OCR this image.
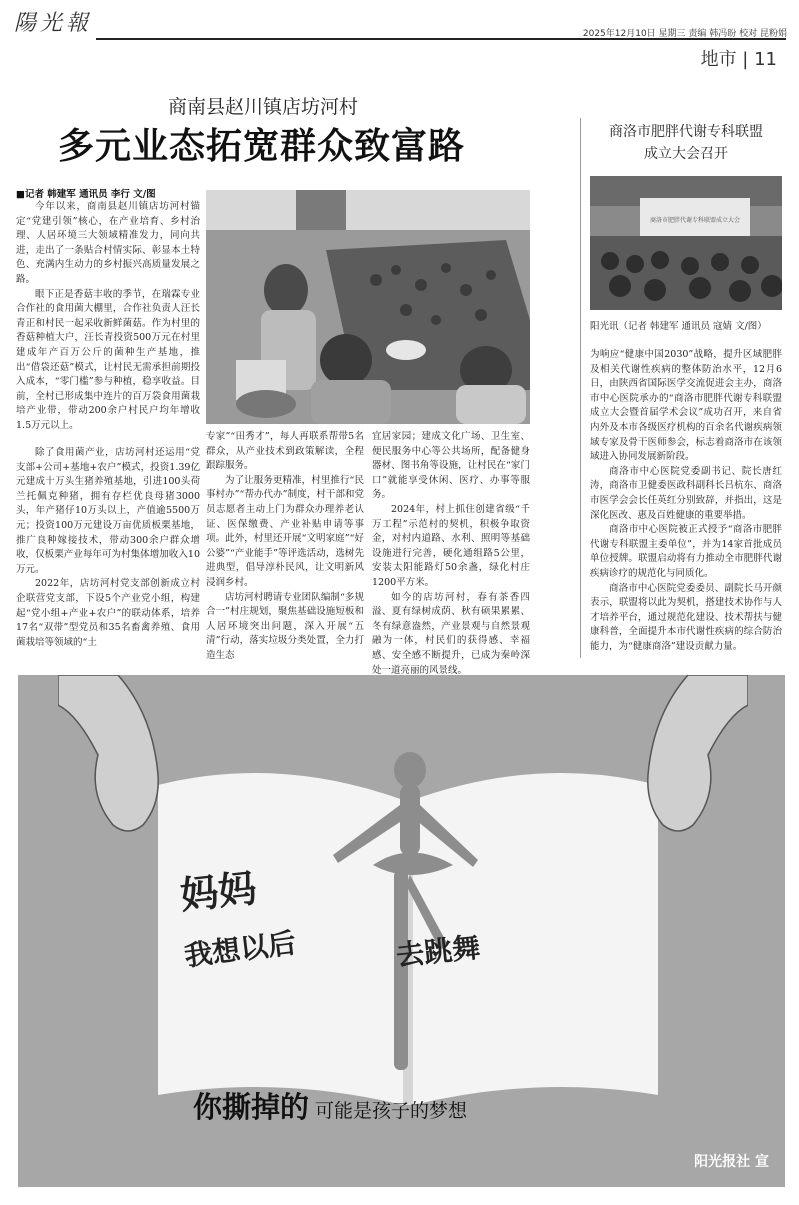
陽光報	2025年12月10日 星期三 责编 韩冯盼 校对 昆粉娟
地市 | 11
商南县赵川镇店坊河村
多元业态拓宽群众致富路
■记者 韩建军 通讯员 李行 文/图

今年以来，商南县赵川镇店坊河村锚定“党建引领”核心，在产业培育、乡村治理、人居环境三大领域精准发力，同向共进，走出了一条贴合村情实际、彰显本土特色、充满内生动力的乡村振兴高质量发展之路。

眼下正是香菇丰收的季节，在瑞霖专业合作社的食用菌大棚里，合作社负责人汪长青正和村民一起采收新鲜菌菇。作为村里的香菇种植大户，汪长青投资500万元在村里建成年产百万公斤的菌种生产基地，推出“借袋还菇”模式，让村民无需承担前期投入成本，“零门槛”参与种植，稳享收益。目前，全村已形成集中连片的百万袋食用菌栽培产业带，带动200余户村民户均年增收1.5万元以上。

除了食用菌产业，店坊河村还运用“党支部+公司+基地+农户”模式，投资1.39亿元建成十万头生猪养殖基地，引进100头荷兰托佩克种猪，拥有存栏优良母猪3000头，年产猪仔10万头以上，产值逾5500万元；投资100万元建设万亩优质板栗基地，推广良种嫁接技术，带动300余户群众增收，仅板栗产业每年可为村集体增加收入10万元。

2022年，店坊河村党支部创新成立村企联营党支部，下设5个产业党小组，构建起“党小组+产业+农户”的联动体系，培养17名“双带”型党员和35名畜禽养殖、食用菌栽培等领域的“土

专家”“田秀才”，每人再联系帮带5名群众，从产业技术到政策解读，全程跟踪服务。

为了让服务更精准，村里推行“民事村办”“帮办代办”制度，村干部和党员志愿者主动上门为群众办理养老认证、医保缴费、产业补贴申请等事项。此外，村里还开展“文明家庭”“好公婆”“产业能手”等评选活动，选树先进典型，倡导淳朴民风，让文明新风浸润乡村。

店坊河村聘请专业团队编制“多规合一”村庄规划，聚焦基础设施短板和人居环境突出问题，深入开展“五清”行动，落实垃圾分类处置，全力打造生态

宜居家园；建成文化广场、卫生室、便民服务中心等公共场所，配备健身器材、图书角等设施，让村民在“家门口”就能享受休闲、医疗、办事等服务。

2024年，村上抓住创建省级“千万工程”示范村的契机，积极争取资金，对村内道路、水利、照明等基础设施进行完善，硬化通组路5公里，安装太阳能路灯50余盏，绿化村庄1200平方米。

如今的店坊河村，春有茶香四溢、夏有绿树成荫、秋有硕果累累、冬有绿意盎然，产业景观与自然景观融为一体，村民们的获得感、幸福感、安全感不断提升，已成为秦岭深处一道亮丽的风景线。

商洛市肥胖代谢专科联盟
成立大会召开
商洛市肥胖代谢专科联盟成立大会
阳光讯（记者 韩建军 通讯员 寇婧 文/图）

为响应“健康中国2030”战略，提升区域肥胖及相关代谢性疾病的整体防治水平，12月6日，由陕西省国际医学交流促进会主办，商洛市中心医院承办的“商洛市肥胖代谢专科联盟成立大会暨首届学术会议”成功召开，来自省内外及本市各级医疗机构的百余名代谢疾病领域专家及骨干医师参会，标志着商洛市在该领域进入协同发展新阶段。

商洛市中心医院党委副书记、院长唐红涛，商洛市卫健委医政科副科长吕杭东、商洛市医学会会长任英红分别致辞，并指出，这是深化医改、惠及百姓健康的重要举措。

商洛市中心医院被正式授予“商洛市肥胖代谢专科联盟主委单位”，并为14家首批成员单位授牌。联盟启动将有力推动全市肥胖代谢疾病诊疗的规范化与同质化。

商洛市中心医院党委委员、副院长马开颜表示，联盟将以此为契机，搭建技术协作与人才培养平台，通过规范化建设、技术帮扶与健康科普，全面提升本市代谢性疾病的综合防治能力，为“健康商洛”建设贡献力量。

妈妈
我想以后	去跳舞
你撕掉的 可能是孩子的梦想
阳光报社 宣
